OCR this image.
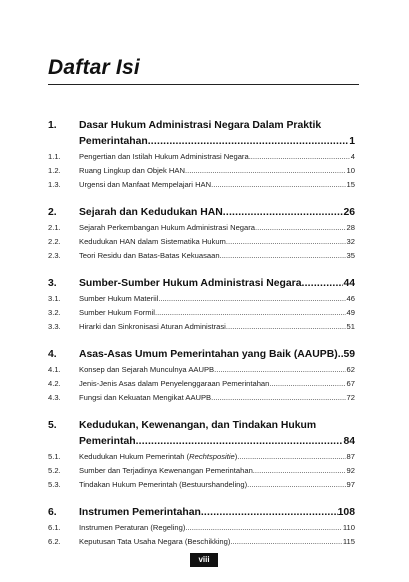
Daftar Isi
1.	Dasar Hukum Administrasi Negara Dalam Praktik
Pemerintahan .....	1
1.1.	Pengertian dan Istilah Hukum Administrasi Negara .....	4
1.2.	Ruang Lingkup dan Objek HAN .....	10
1.3.	Urgensi dan Manfaat Mempelajari HAN .....	15
2.	Sejarah dan Kedudukan HAN .....	26
2.1.	Sejarah Perkembangan Hukum Administrasi Negara .....	28
2.2.	Kedudukan HAN dalam Sistematika Hukum .....	32
2.3.	Teori Residu dan Batas-Batas Kekuasaan .....	35
3.	Sumber-Sumber Hukum Administrasi Negara .....	44
3.1.	Sumber Hukum Materiil .....	46
3.2.	Sumber Hukum Formil .....	49
3.3.	Hirarki dan Sinkronisasi Aturan Administrasi .....	51
4.	Asas-Asas Umum Pemerintahan yang Baik (AAUPB) ..... 59
4.1.	Konsep dan Sejarah Munculnya AAUPB .....	62
4.2.	Jenis-Jenis Asas dalam Penyelenggaraan Pemerintahan .....	67
4.3.	Fungsi dan Kekuatan Mengikat AAUPB .....	72
5.	Kedudukan, Kewenangan, dan Tindakan Hukum
Pemerintah .....	84
5.1.	Kedudukan Hukum Pemerintah (Rechtspositie) .....	87
5.2.	Sumber dan Terjadinya Kewenangan Pemerintahan .....	92
5.3.	Tindakan Hukum Pemerintah (Bestuurshandeling) .....	97
6.	Instrumen Pemerintahan .....	108
6.1.	Instrumen Peraturan (Regeling) .....	110
6.2.	Keputusan Tata Usaha Negara (Beschikking) .....	115
viii
